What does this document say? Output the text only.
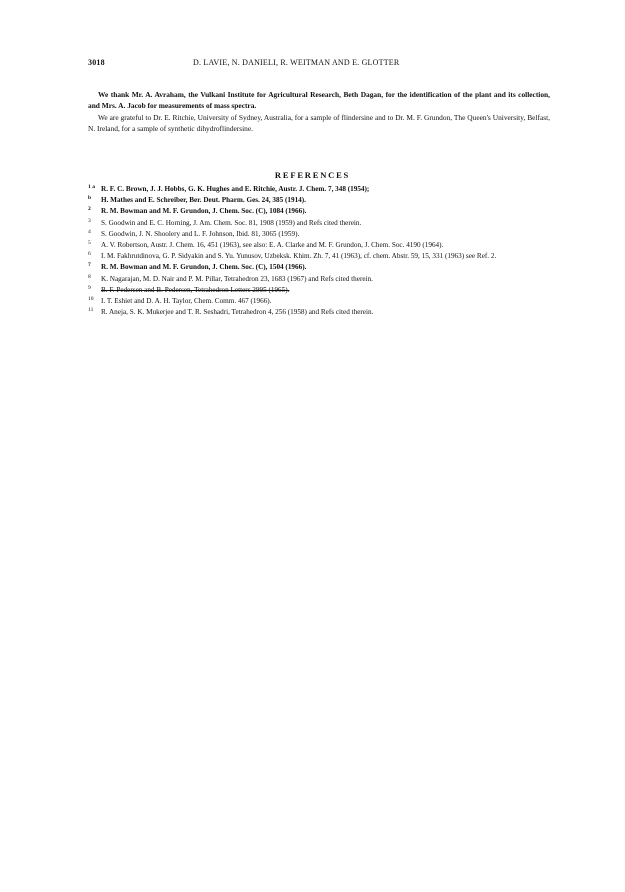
3018	D. LAVIE, N. DANIELI, R. WEITMAN AND E. GLOTTER

We thank Mr. A. Avraham, the Vulkani Institute for Agricultural Research, Beth Dagan, for the identification of the plant and its collection, and Mrs. A. Jacob for measurements of mass spectra.

We are grateful to Dr. E. Ritchie, University of Sydney, Australia, for a sample of flindersine and to Dr. M. F. Grundon, The Queen's University, Belfast, N. Ireland, for a sample of synthetic dihydroflindersine.

REFERENCES
1 a R. F. C. Brown, J. J. Hobbs, G. K. Hughes and E. Ritchie, Austr. J. Chem. 7, 348 (1954);
b H. Mathes and E. Schreiber, Ber. Deut. Pharm. Ges. 24, 385 (1914).
2 R. M. Bowman and M. F. Grundon, J. Chem. Soc. (C), 1084 (1966).
3 S. Goodwin and E. C. Horning, J. Am. Chem. Soc. 81, 1908 (1959) and Refs cited therein.
4 S. Goodwin, J. N. Shoolery and L. F. Johnson, Ibid. 81, 3065 (1959).
5 A. V. Robertson, Austr. J. Chem. 16, 451 (1963), see also: E. A. Clarke and M. F. Grundon, J. Chem. Soc. 4190 (1964).
6 I. M. Fakhrutdinova, G. P. Sidyakin and S. Yu. Yunusov, Uzbeksk. Khim. Zh. 7, 41 (1963), cf. chem. Abstr. 59, 15, 331 (1963) see Ref. 2.
7 R. M. Bowman and M. F. Grundon, J. Chem. Soc. (C), 1504 (1966).
8 K. Nagarajan, M. D. Nair and P. M. Pillar, Tetrahedron 23, 1683 (1967) and Refs cited therein.
9 B. F. Pedersen and B. Pedersen, Tetrahedron Letters 2995 (1965).
10 I. T. Eshiet and D. A. H. Taylor, Chem. Comm. 467 (1966).
11 R. Aneja, S. K. Mukerjee and T. R. Seshadri, Tetrahedron 4, 256 (1958) and Refs cited therein.
